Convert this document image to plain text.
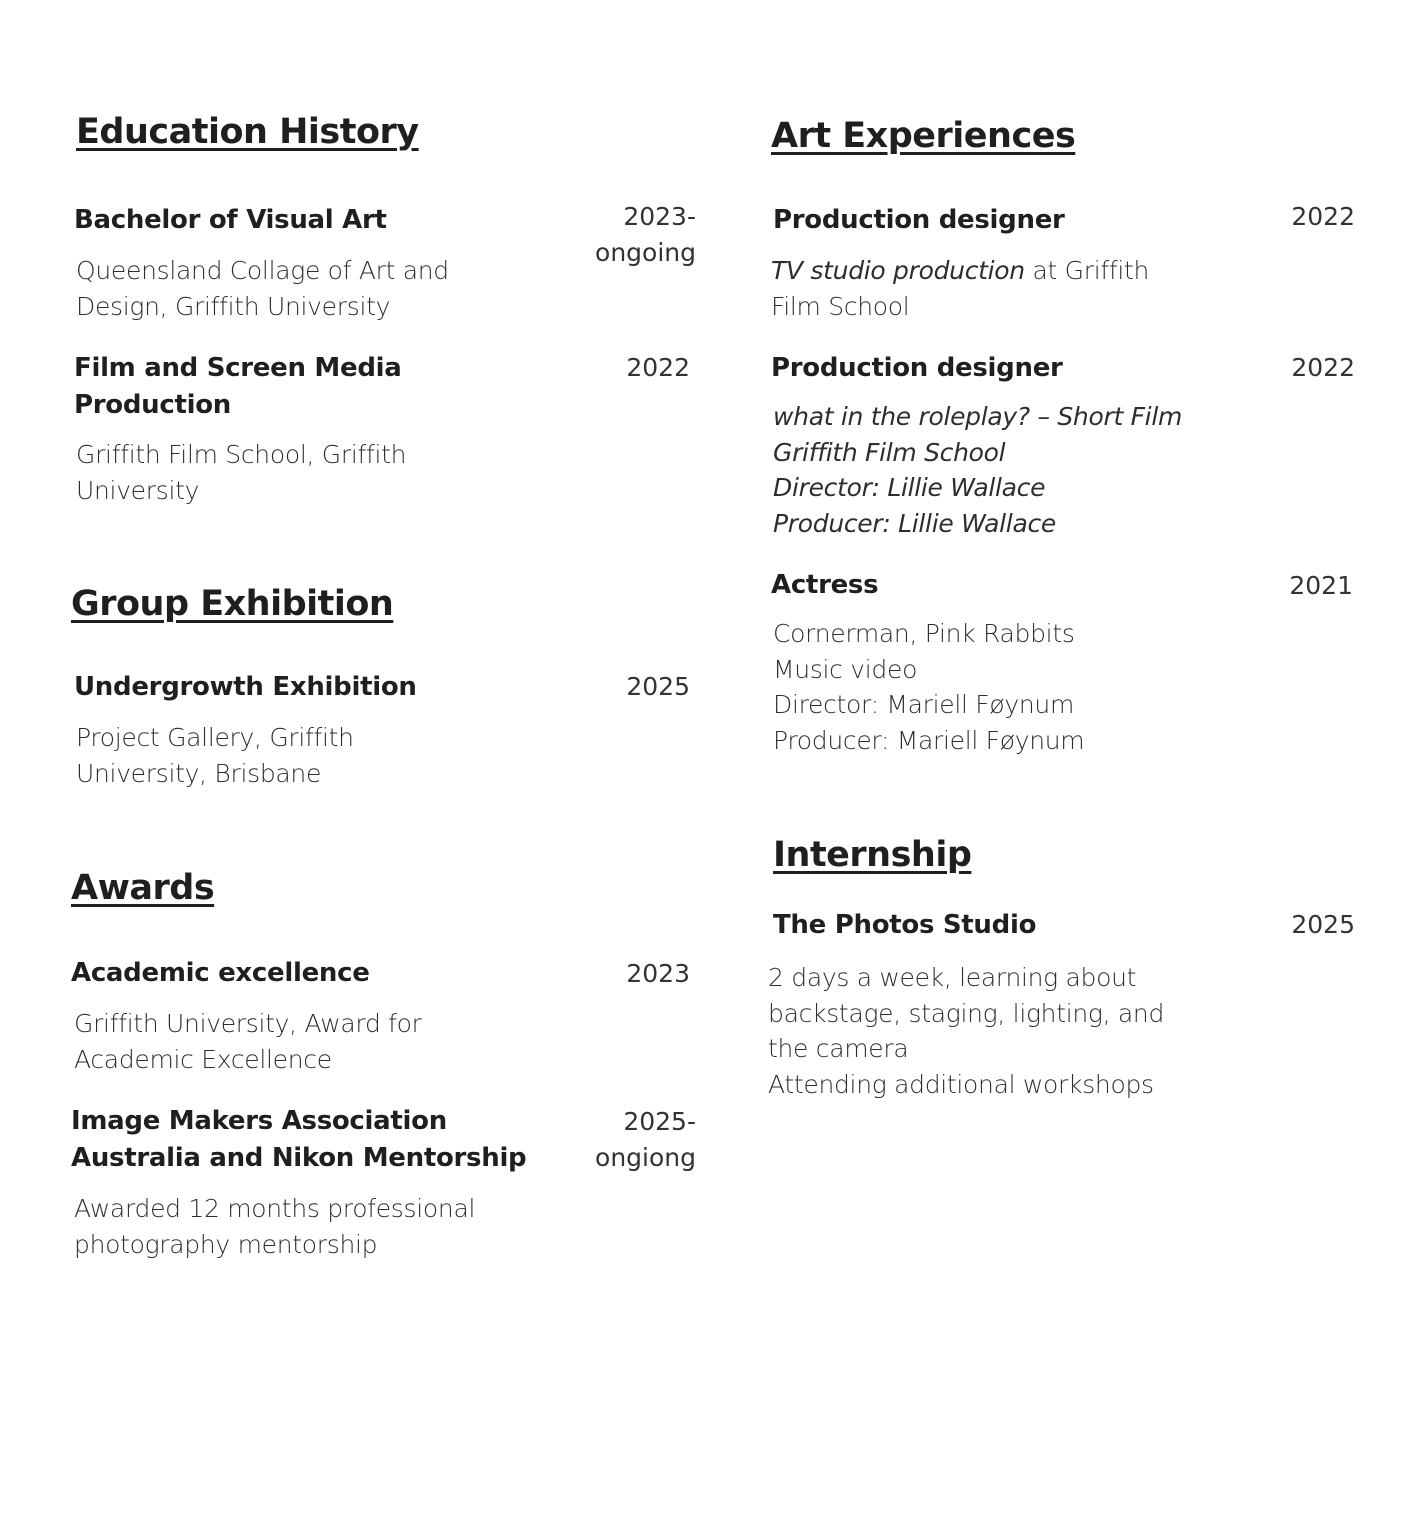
Education History
Bachelor of Visual Art	2023-
ongoing
Queensland Collage of Art and
Design, Griffith University
Film and Screen Media
Production
2022
Griffith Film School, Griffith
University
Group Exhibition
Undergrowth Exhibition	2025
Project Gallery, Griffith
University, Brisbane
Awards
Academic excellence	2023
Griffith University, Award for
Academic Excellence
Image Makers Association
Australia and Nikon Mentorship
2025-
ongiong
Awarded 12 months professional
photography mentorship
Art Experiences
Production designer	2022
TV studio production at Griffith
Film School
Production designer	2022
what in the roleplay? – Short Film
Griffith Film School
Director: Lillie Wallace
Producer: Lillie Wallace
Actress	2021
Cornerman, Pink Rabbits
Music video
Director: Mariell Føynum
Producer: Mariell Føynum
Internship
The Photos Studio	2025
2 days a week, learning about
backstage, staging, lighting, and
the camera
Attending additional workshops
